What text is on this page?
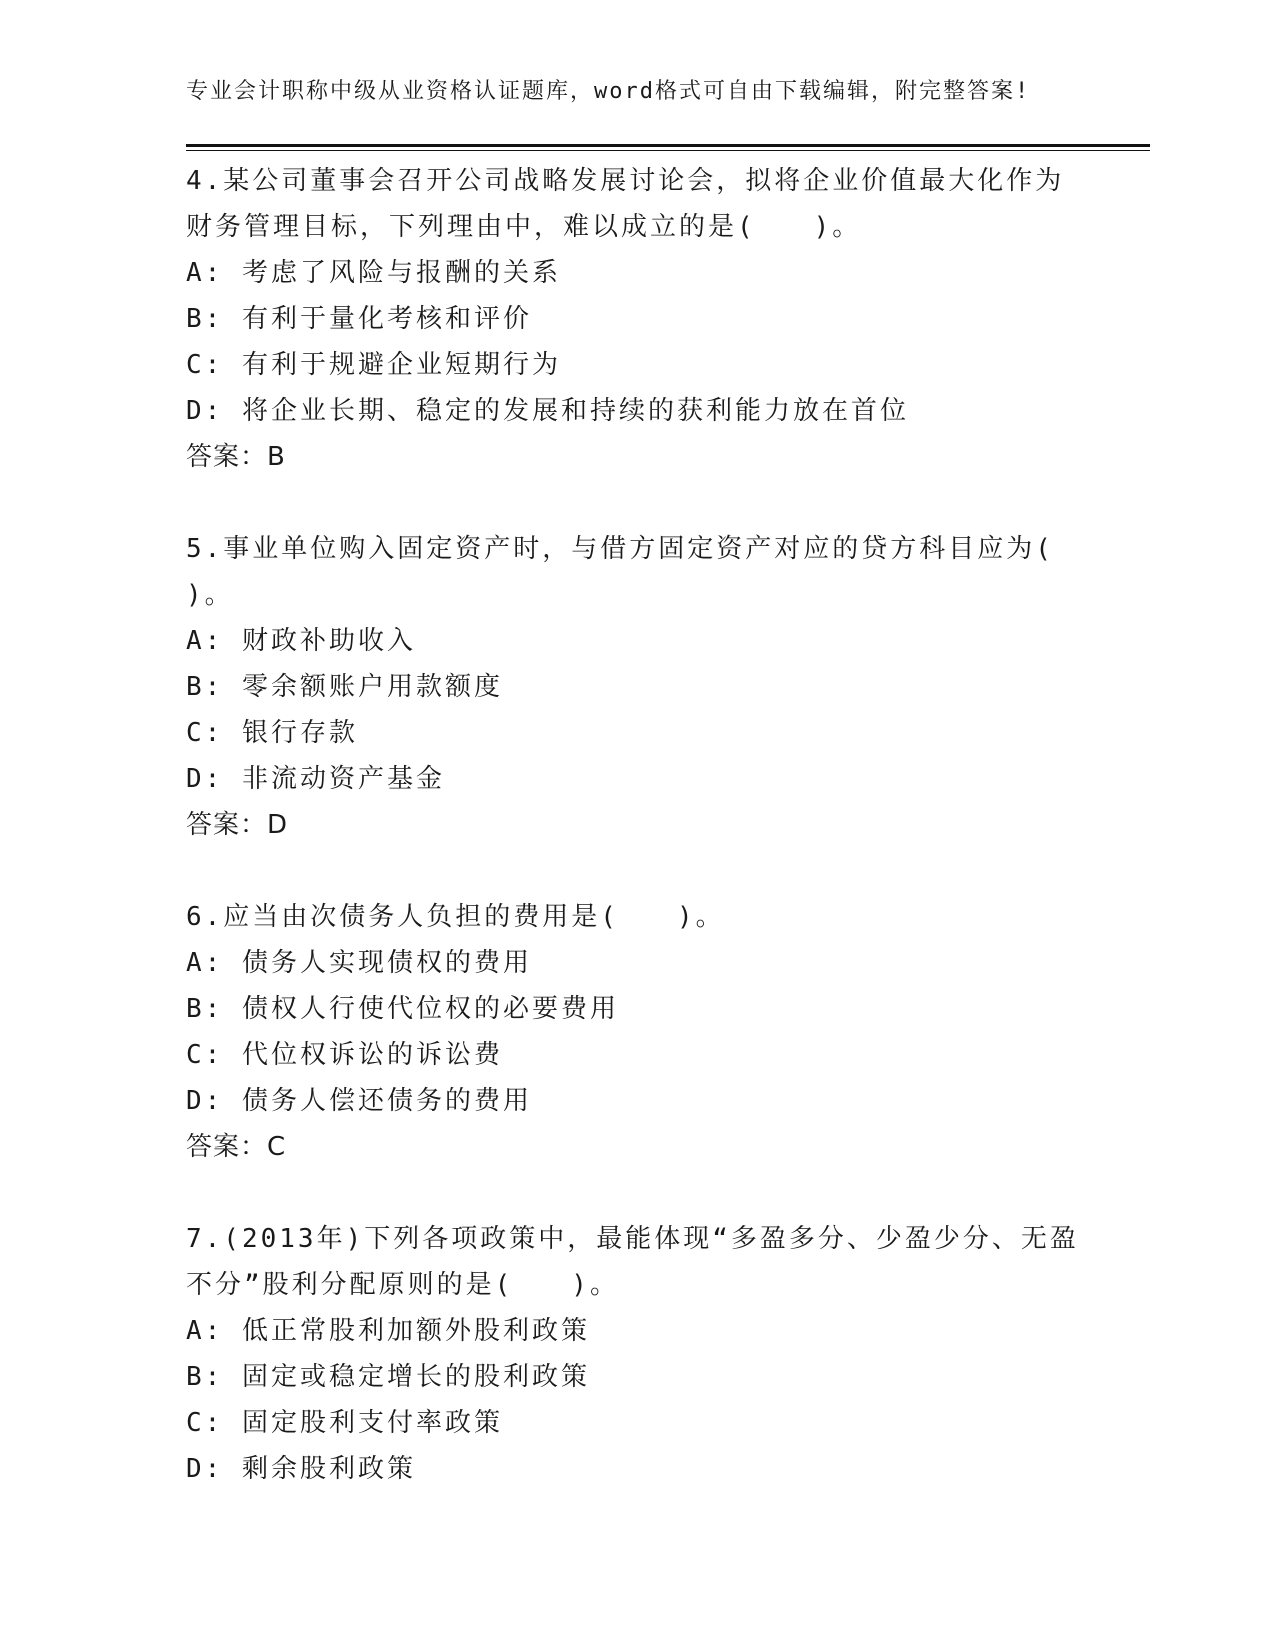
专业会计职称中级从业资格认证题库，word格式可自由下载编辑，附完整答案!
4.某公司董事会召开公司战略发展讨论会，拟将企业价值最大化作为
财务管理目标，下列理由中，难以成立的是(　　)。
A: 考虑了风险与报酬的关系
B: 有利于量化考核和评价
C: 有利于规避企业短期行为
D: 将企业长期、稳定的发展和持续的获利能力放在首位
答案：B
5.事业单位购入固定资产时，与借方固定资产对应的贷方科目应为(
)。
A: 财政补助收入
B: 零余额账户用款额度
C: 银行存款
D: 非流动资产基金
答案：D
6.应当由次债务人负担的费用是(　　)。
A: 债务人实现债权的费用
B: 债权人行使代位权的必要费用
C: 代位权诉讼的诉讼费
D: 债务人偿还债务的费用
答案：C
7.(2013年)下列各项政策中，最能体现“多盈多分、少盈少分、无盈
不分”股利分配原则的是(　　)。
A: 低正常股利加额外股利政策
B: 固定或稳定增长的股利政策
C: 固定股利支付率政策
D: 剩余股利政策
